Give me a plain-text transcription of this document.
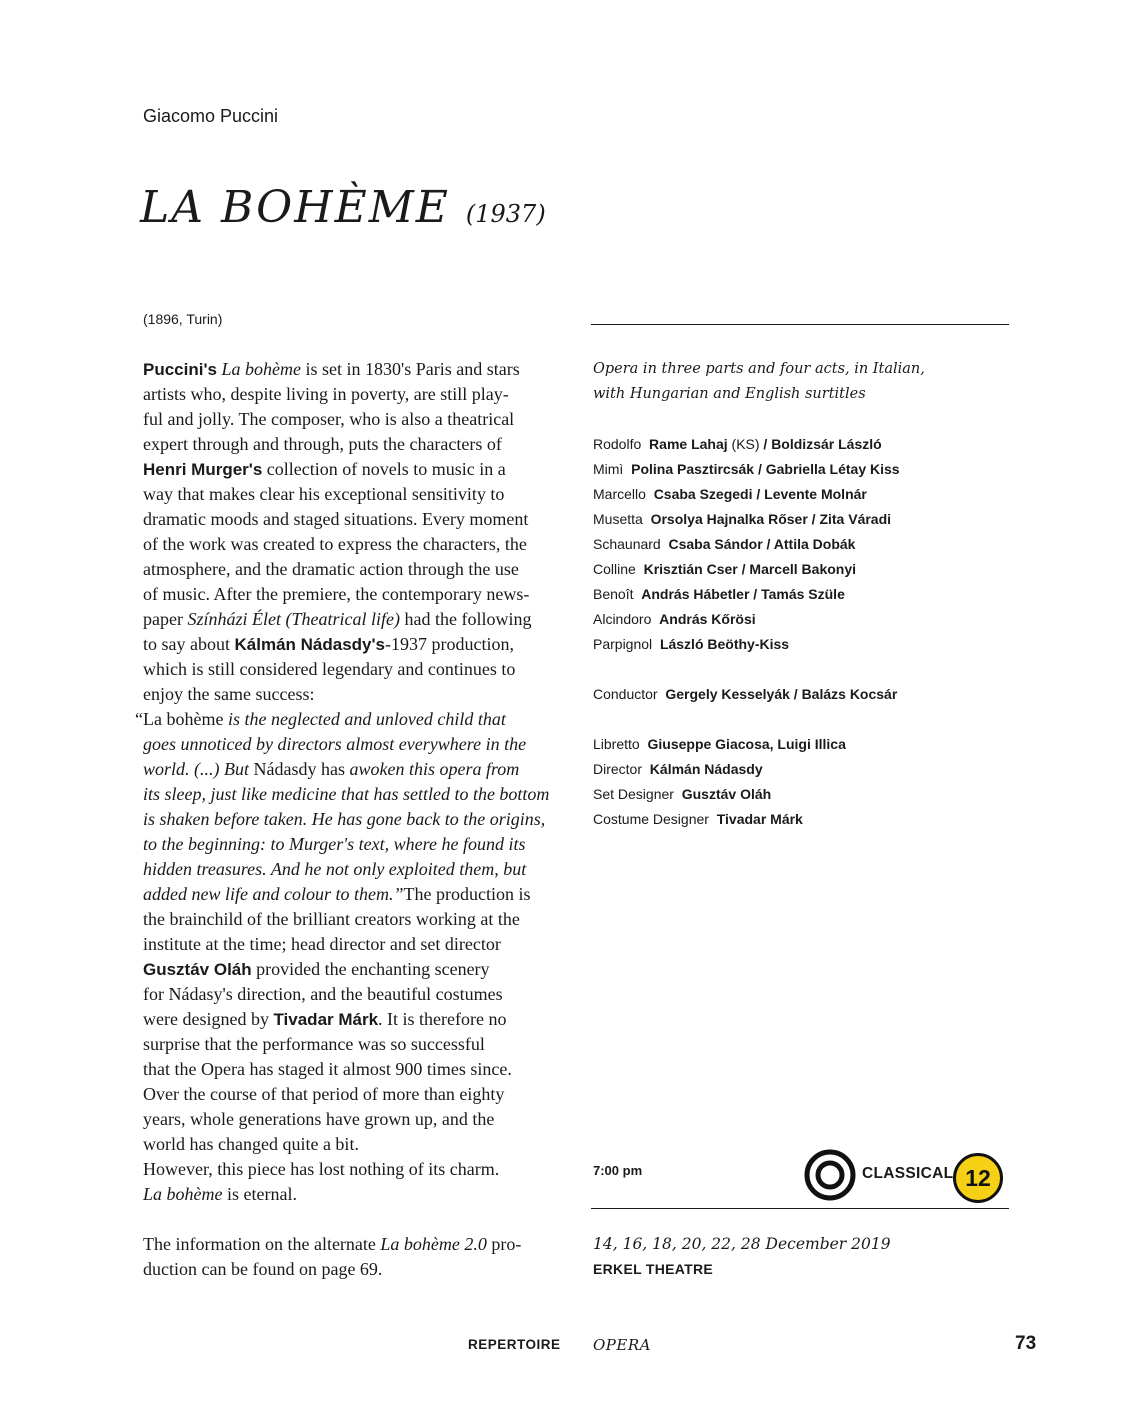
Giacomo Puccini
LA BOHÈME (1937)
(1896, Turin)

Puccini's La bohème is set in 1830's Paris and stars

artists who, despite living in poverty, are still play-

ful and jolly. The composer, who is also a theatrical

expert through and through, puts the characters of

Henri Murger's collection of novels to music in a

way that makes clear his exceptional sensitivity to

dramatic moods and staged situations. Every moment

of the work was created to express the characters, the

atmosphere, and the dramatic action through the use

of music. After the premiere, the contemporary news-

paper Színházi Élet (Theatrical life) had the following

to say about Kálmán Nádasdy's-1937 production,

which is still considered legendary and continues to

enjoy the same success:

“La bohème is the neglected and unloved child that

goes unnoticed by directors almost everywhere in the

world. (...) But Nádasdy has awoken this opera from

its sleep, just like medicine that has settled to the bottom

is shaken before taken. He has gone back to the origins,

to the beginning: to Murger's text, where he found its

hidden treasures. And he not only exploited them, but

added new life and colour to them.”The production is

the brainchild of the brilliant creators working at the

institute at the time; head director and set director

Gusztáv Oláh provided the enchanting scenery

for Nádasy's direction, and the beautiful costumes

were designed by Tivadar Márk. It is therefore no

surprise that the performance was so successful

that the Opera has staged it almost 900 times since.

Over the course of that period of more than eighty

years, whole generations have grown up, and the

world has changed quite a bit.

However, this piece has lost nothing of its charm.

La bohème is eternal.

The information on the alternate La bohème 2.0 pro-

duction can be found on page 69.

Opera in three parts and four acts, in Italian,
with Hungarian and English surtitles
Rodolfo Rame Lahaj (KS) / Boldizsár László
Mimì Polina Pasztircsák / Gabriella Létay Kiss
Marcello Csaba Szegedi / Levente Molnár
Musetta Orsolya Hajnalka Rőser / Zita Váradi
Schaunard Csaba Sándor / Attila Dobák
Colline Krisztián Cser / Marcell Bakonyi
Benoît András Hábetler / Tamás Szüle
Alcindoro András Kőrösi
Parpignol László Beöthy-Kiss
Conductor Gergely Kesselyák / Balázs Kocsár
Libretto Giuseppe Giacosa, Luigi Illica
Director Kálmán Nádasdy
Set Designer Gusztáv Oláh
Costume Designer Tivadar Márk
7:00 pm	CLASSICAL 12
14, 16, 18, 20, 22, 28 December 2019
ERKEL THEATRE
REPERTOIRE OPERA	73
